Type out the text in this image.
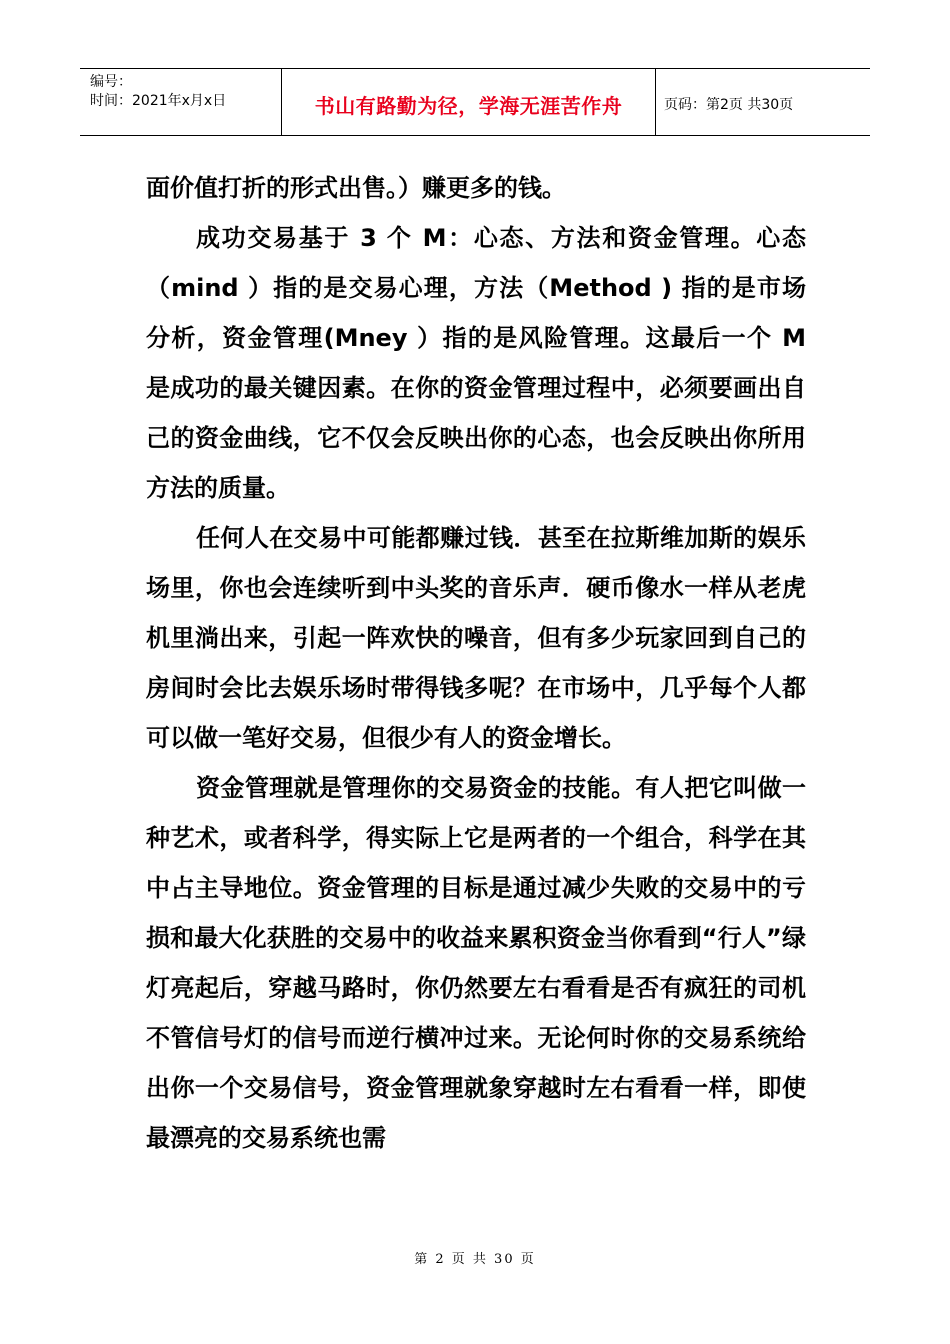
编号：
时间：2021年x月x日	书山有路勤为径，学海无涯苦作舟	页码：第2页 共30页

面价值打折的形式出售。）赚更多的钱。

成功交易基于 3 个 M：心态、方法和资金管理。心态（mind ）指的是交易心理，方法（Method ) 指的是市场分析，资金管理(Mney ）指的是风险管理。这最后一个 M 是成功的最关键因素。在你的资金管理过程中，必须要画出自己的资金曲线，它不仅会反映出你的心态，也会反映出你所用方法的质量。

任何人在交易中可能都赚过钱．甚至在拉斯维加斯的娱乐场里，你也会连续听到中头奖的音乐声．硬币像水一样从老虎机里淌出来，引起一阵欢快的噪音，但有多少玩家回到自己的房间时会比去娱乐场时带得钱多呢？在市场中，几乎每个人都可以做一笔好交易，但很少有人的资金增长。

资金管理就是管理你的交易资金的技能。有人把它叫做一种艺术，或者科学，得实际上它是两者的一个组合，科学在其中占主导地位。资金管理的目标是通过减少失败的交易中的亏损和最大化获胜的交易中的收益来累积资金当你看到“行人”绿灯亮起后，穿越马路时，你仍然要左右看看是否有疯狂的司机不管信号灯的信号而逆行横冲过来。无论何时你的交易系统给出你一个交易信号，资金管理就象穿越时左右看看一样，即使最漂亮的交易系统也需

第 2 页 共 30 页
